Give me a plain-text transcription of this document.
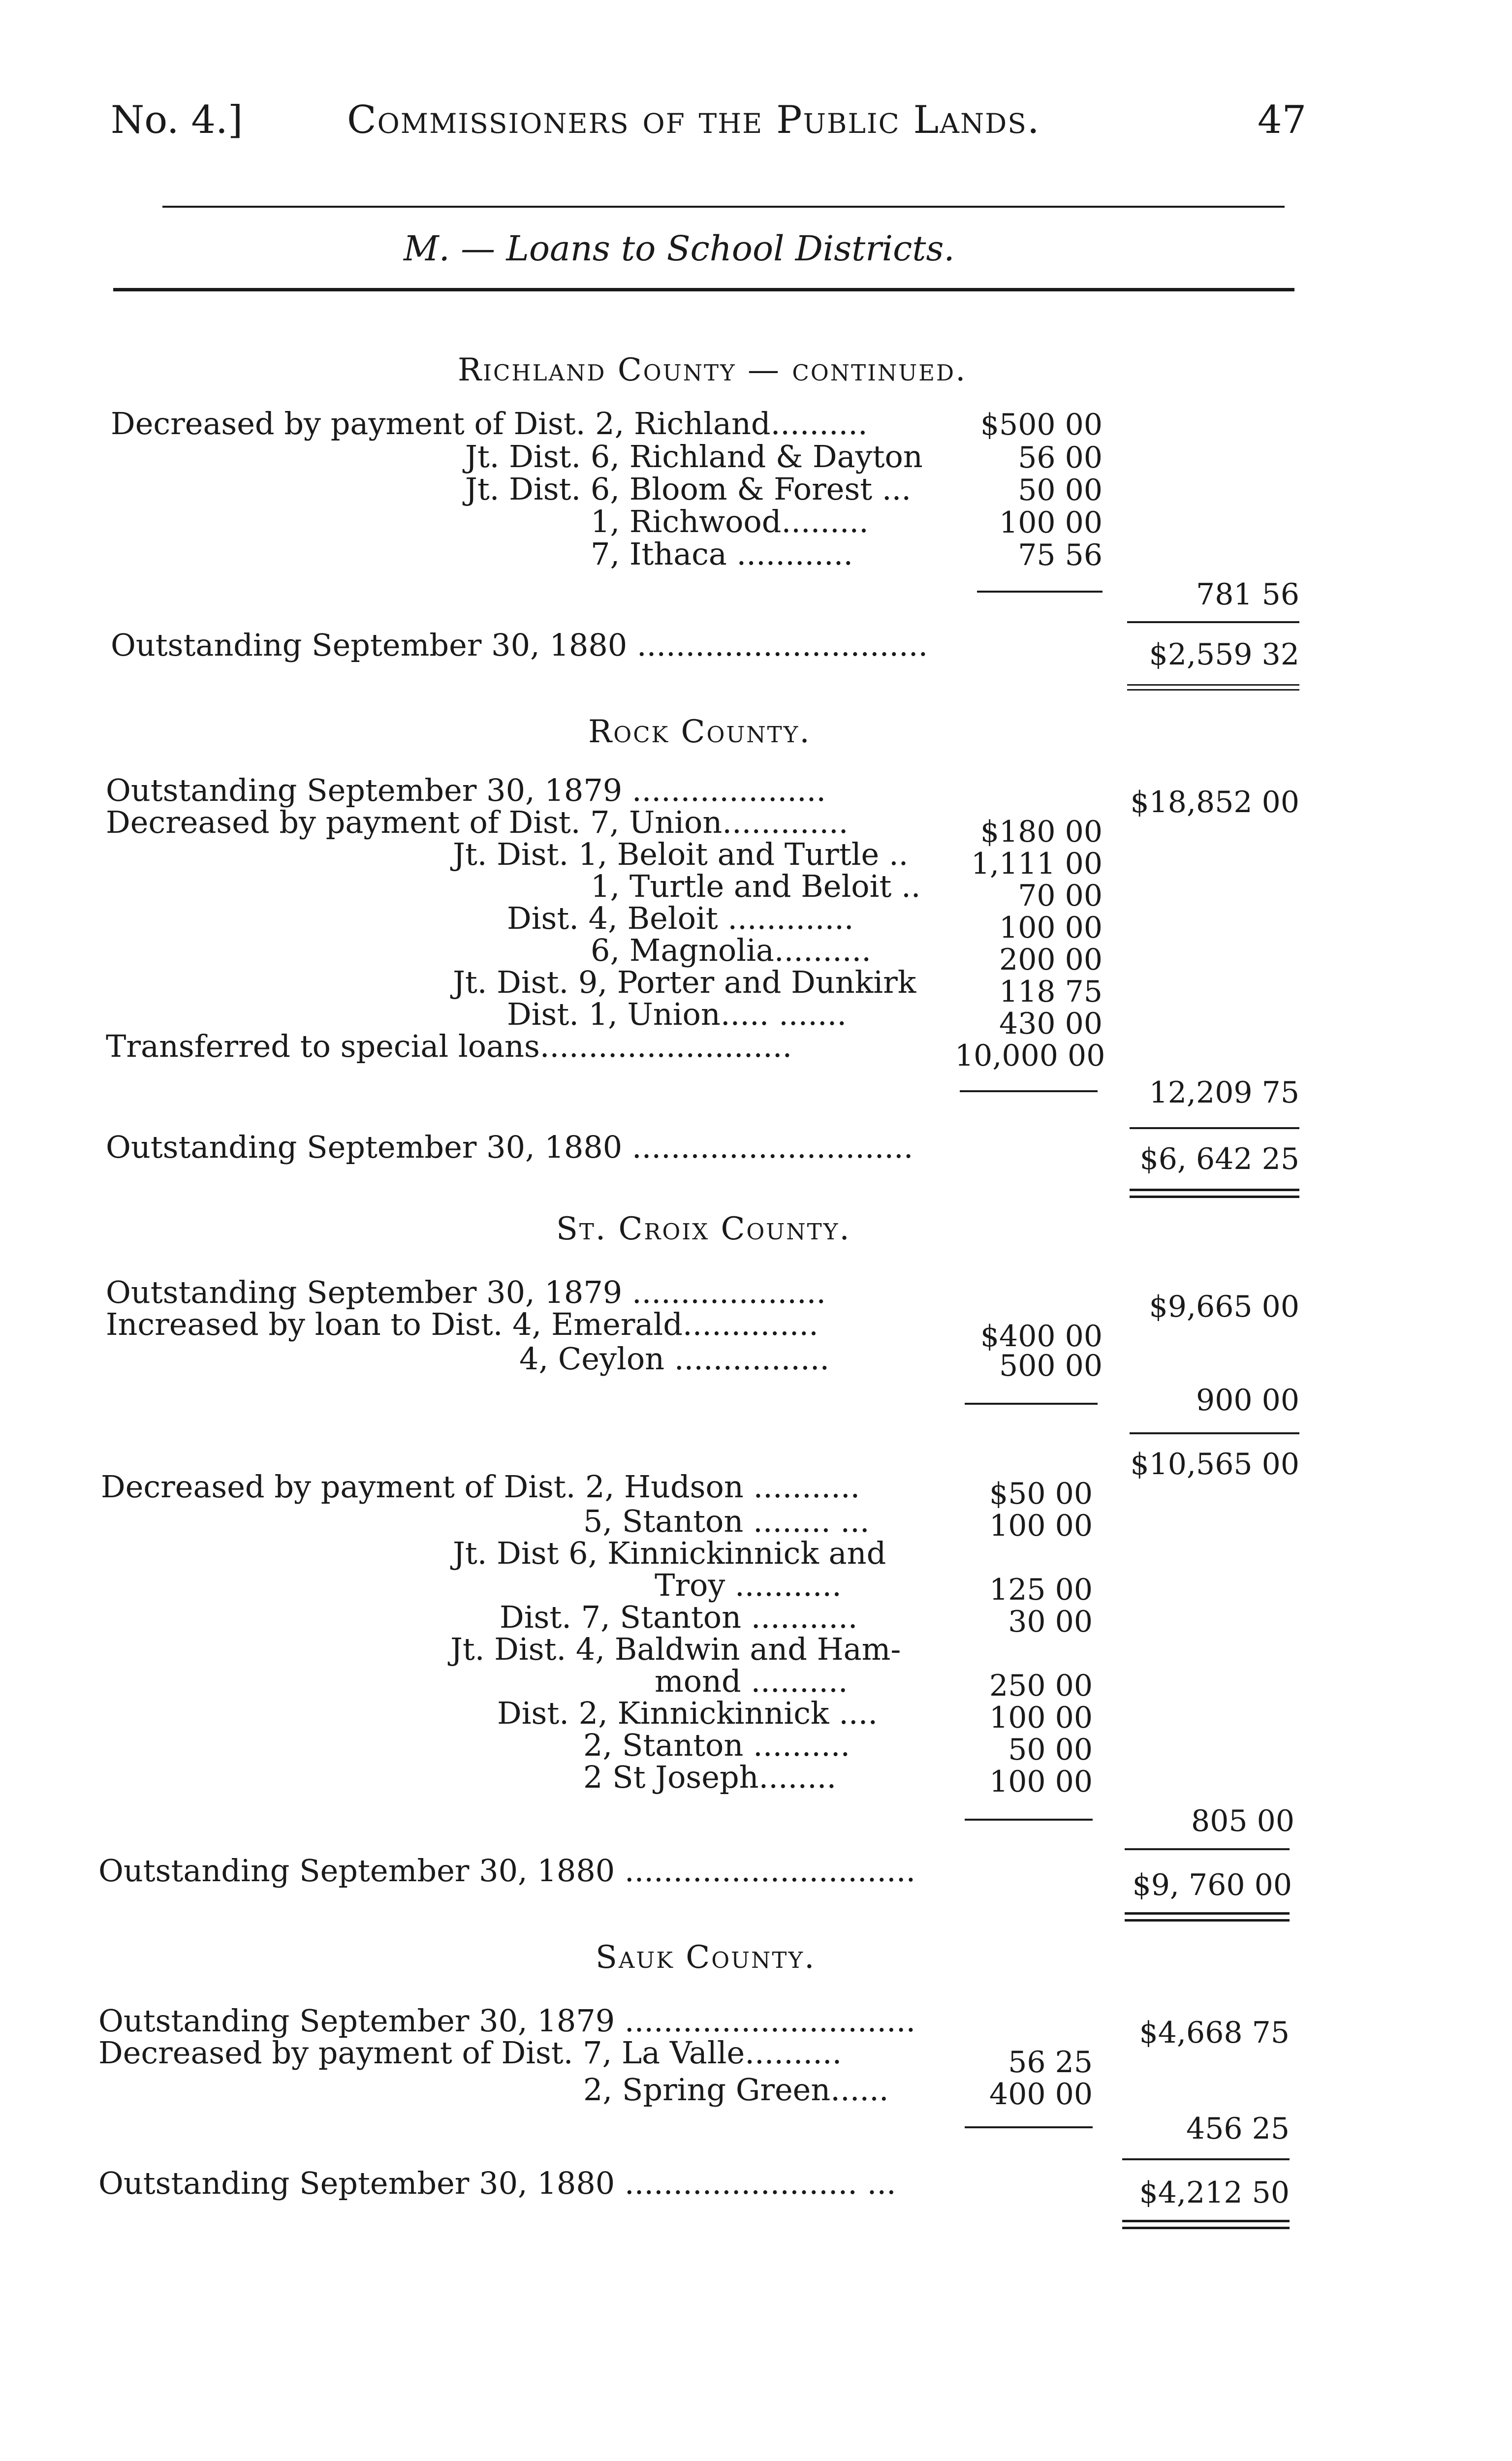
No. 4.]	Commissioners of the Public Lands.	47
M. — Loans to School Districts.
Richland County — continued.
Decreased by payment of Dist. 2, Richland..........	$500 00
Jt. Dist. 6, Richland & Dayton	56 00
Jt. Dist. 6, Bloom & Forest ...	50 00
1, Richwood.........	100 00
7, Ithaca ............	75 56
781 56
Outstanding September 30, 1880 ..............................	$2,559 32
Rock County.
Outstanding September 30, 1879 ....................	$18,852 00
Decreased by payment of Dist. 7, Union.............	$180 00
Jt. Dist. 1, Beloit and Turtle ..	1,111 00
1, Turtle and Beloit ..	70 00
Dist. 4, Beloit .............	100 00
6, Magnolia..........	200 00
Jt. Dist. 9, Porter and Dunkirk	118 75
Dist. 1, Union..... .......	430 00
Transferred to special loans..........................	10,000 00
12,209 75
Outstanding September 30, 1880 .............................	$6, 642 25
St. Croix County.
Outstanding September 30, 1879 ....................	$9,665 00
Increased by loan to Dist. 4, Emerald..............	$400 00
4, Ceylon ................	500 00
900 00
$10,565 00
Decreased by payment of Dist. 2, Hudson ...........	$50 00
5, Stanton ........ ...	100 00
Jt. Dist 6, Kinnickinnick and
Troy ...........	125 00
Dist. 7, Stanton ...........	30 00
Jt. Dist. 4, Baldwin and Ham-
mond ..........	250 00
Dist. 2, Kinnickinnick ....	100 00
2, Stanton ..........	50 00
2 St Joseph........	100 00
805 00
Outstanding September 30, 1880 ..............................	$9, 760 00
Sauk County.
Outstanding September 30, 1879 ..............................	$4,668 75
Decreased by payment of Dist. 7, La Valle..........	56 25
2, Spring Green......	400 00
456 25
Outstanding September 30, 1880 ........................ ...	$4,212 50
